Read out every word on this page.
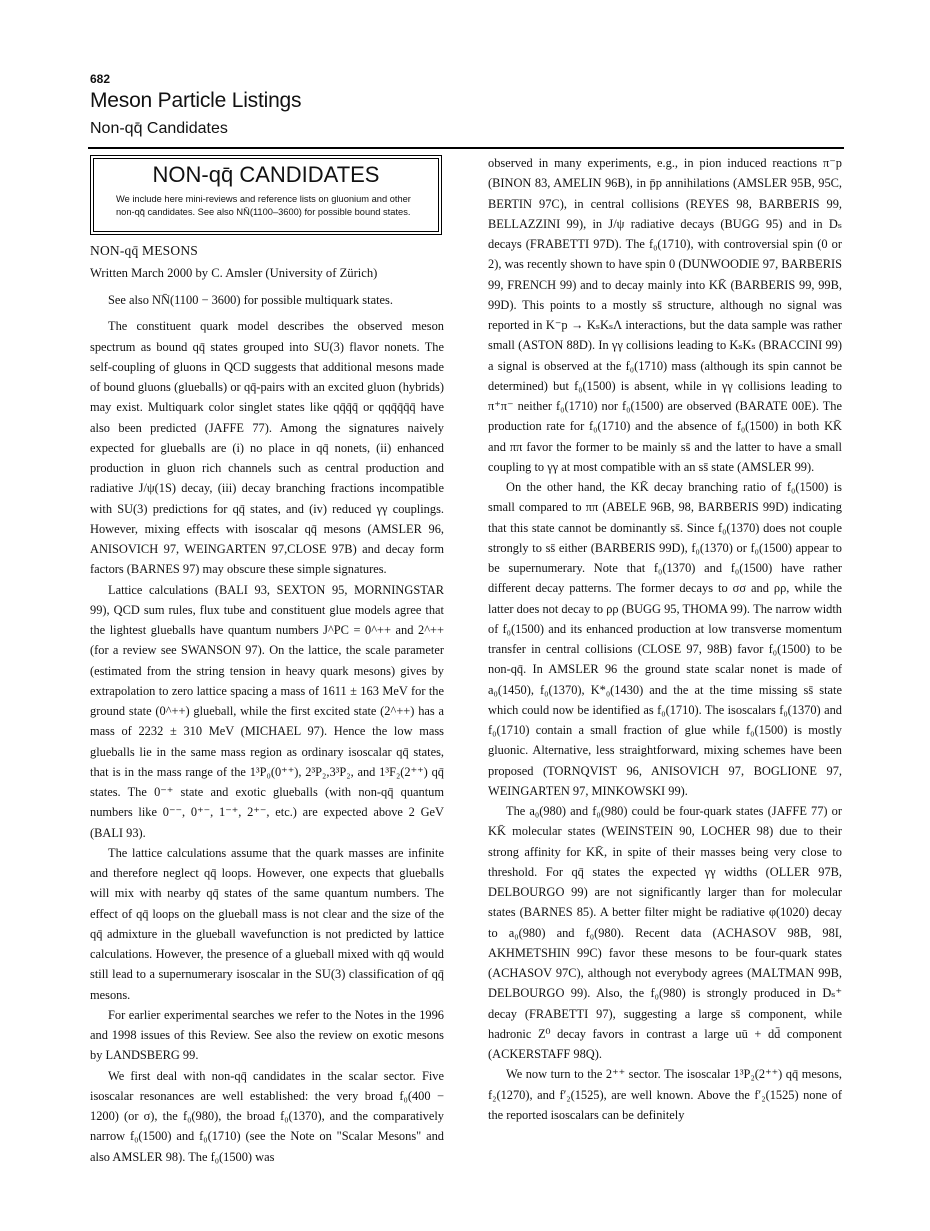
682
Meson Particle Listings
Non-qq̄ Candidates
NON-qq̄ CANDIDATES
We include here mini-reviews and reference lists on gluonium and other non-qq̄ candidates. See also NN̄(1100–3600) for possible bound states.
NON-qq̄ MESONS
Written March 2000 by C. Amsler (University of Zürich)
See also NN̄(1100 − 3600) for possible multiquark states.

The constituent quark model describes the observed meson spectrum as bound qq̄ states grouped into SU(3) flavor nonets. The self-coupling of gluons in QCD suggests that additional mesons made of bound gluons (glueballs) or qq̄-pairs with an excited gluon (hybrids) may exist. Multiquark color singlet states like qq̄q̄q̄ or qqq̄q̄q̄q̄ have also been predicted (JAFFE 77). Among the signatures naively expected for glueballs are (i) no place in qq̄ nonets, (ii) enhanced production in gluon rich channels such as central production and radiative J/ψ(1S) decay, (iii) decay branching fractions incompatible with SU(3) predictions for qq̄ states, and (iv) reduced γγ couplings. However, mixing effects with isoscalar qq̄ mesons (AMSLER 96, ANISOVICH 97, WEINGARTEN 97,CLOSE 97B) and decay form factors (BARNES 97) may obscure these simple signatures.

Lattice calculations (BALI 93, SEXTON 95, MORNINGSTAR 99), QCD sum rules, flux tube and constituent glue models agree that the lightest glueballs have quantum numbers J^PC = 0^++ and 2^++ (for a review see SWANSON 97). On the lattice, the scale parameter (estimated from the string tension in heavy quark mesons) gives by extrapolation to zero lattice spacing a mass of 1611 ± 163 MeV for the ground state (0^++) glueball, while the first excited state (2^++) has a mass of 2232 ± 310 MeV (MICHAEL 97). Hence the low mass glueballs lie in the same mass region as ordinary isoscalar qq̄ states, that is in the mass range of the 1³P₀(0⁺⁺), 2³P₂,3³P₂, and 1³F₂(2⁺⁺) qq̄ states. The 0⁻⁺ state and exotic glueballs (with non-qq̄ quantum numbers like 0⁻⁻, 0⁺⁻, 1⁻⁺, 2⁺⁻, etc.) are expected above 2 GeV (BALI 93).

The lattice calculations assume that the quark masses are infinite and therefore neglect qq̄ loops. However, one expects that glueballs will mix with nearby qq̄ states of the same quantum numbers. The effect of qq̄ loops on the glueball mass is not clear and the size of the qq̄ admixture in the glueball wavefunction is not predicted by lattice calculations. However, the presence of a glueball mixed with qq̄ would still lead to a supernumerary isoscalar in the SU(3) classification of qq̄ mesons.

For earlier experimental searches we refer to the Notes in the 1996 and 1998 issues of this Review. See also the review on exotic mesons by LANDSBERG 99.

We first deal with non-qq̄ candidates in the scalar sector. Five isoscalar resonances are well established: the very broad f₀(400 − 1200) (or σ), the f₀(980), the broad f₀(1370), and the comparatively narrow f₀(1500) and f₀(1710) (see the Note on "Scalar Mesons" and also AMSLER 98). The f₀(1500) was

observed in many experiments, e.g., in pion induced reactions π⁻p (BINON 83, AMELIN 96B), in p̄p annihilations (AMSLER 95B, 95C, BERTIN 97C), in central collisions (REYES 98, BARBERIS 99, BELLAZZINI 99), in J/ψ radiative decays (BUGG 95) and in Dₛ decays (FRABETTI 97D). The f₀(1710), with controversial spin (0 or 2), was recently shown to have spin 0 (DUNWOODIE 97, BARBERIS 99, FRENCH 99) and to decay mainly into KK̄ (BARBERIS 99, 99B, 99D). This points to a mostly ss̄ structure, although no signal was reported in K⁻p → KₛKₛΛ interactions, but the data sample was rather small (ASTON 88D). In γγ collisions leading to KₛKₛ (BRACCINI 99) a signal is observed at the f₀(1710) mass (although its spin cannot be determined) but f₀(1500) is absent, while in γγ collisions leading to π⁺π⁻ neither f₀(1710) nor f₀(1500) are observed (BARATE 00E). The production rate for f₀(1710) and the absence of f₀(1500) in both KK̄ and ππ favor the former to be mainly ss̄ and the latter to have a small coupling to γγ at most compatible with an ss̄ state (AMSLER 99).

On the other hand, the KK̄ decay branching ratio of f₀(1500) is small compared to ππ (ABELE 96B, 98, BARBERIS 99D) indicating that this state cannot be dominantly ss̄. Since f₀(1370) does not couple strongly to ss̄ either (BARBERIS 99D), f₀(1370) or f₀(1500) appear to be supernumerary. Note that f₀(1370) and f₀(1500) have rather different decay patterns. The former decays to σσ and ρρ, while the latter does not decay to ρρ (BUGG 95, THOMA 99). The narrow width of f₀(1500) and its enhanced production at low transverse momentum transfer in central collisions (CLOSE 97, 98B) favor f₀(1500) to be non-qq̄. In AMSLER 96 the ground state scalar nonet is made of a₀(1450), f₀(1370), K*₀(1430) and the at the time missing ss̄ state which could now be identified as f₀(1710). The isoscalars f₀(1370) and f₀(1710) contain a small fraction of glue while f₀(1500) is mostly gluonic. Alternative, less straightforward, mixing schemes have been proposed (TORNQVIST 96, ANISOVICH 97, BOGLIONE 97, WEINGARTEN 97, MINKOWSKI 99).

The a₀(980) and f₀(980) could be four-quark states (JAFFE 77) or KK̄ molecular states (WEINSTEIN 90, LOCHER 98) due to their strong affinity for KK̄, in spite of their masses being very close to threshold. For qq̄ states the expected γγ widths (OLLER 97B, DELBOURGO 99) are not significantly larger than for molecular states (BARNES 85). A better filter might be radiative φ(1020) decay to a₀(980) and f₀(980). Recent data (ACHASOV 98B, 98I, AKHMETSHIN 99C) favor these mesons to be four-quark states (ACHASOV 97C), although not everybody agrees (MALTMAN 99B, DELBOURGO 99). Also, the f₀(980) is strongly produced in Dₛ⁺ decay (FRABETTI 97), suggesting a large ss̄ component, while hadronic Z⁰ decay favors in contrast a large uū + dd̄ component (ACKERSTAFF 98Q).

We now turn to the 2⁺⁺ sector. The isoscalar 1³P₂(2⁺⁺) qq̄ mesons, f₂(1270), and f′₂(1525), are well known. Above the f′₂(1525) none of the reported isoscalars can be definitely
